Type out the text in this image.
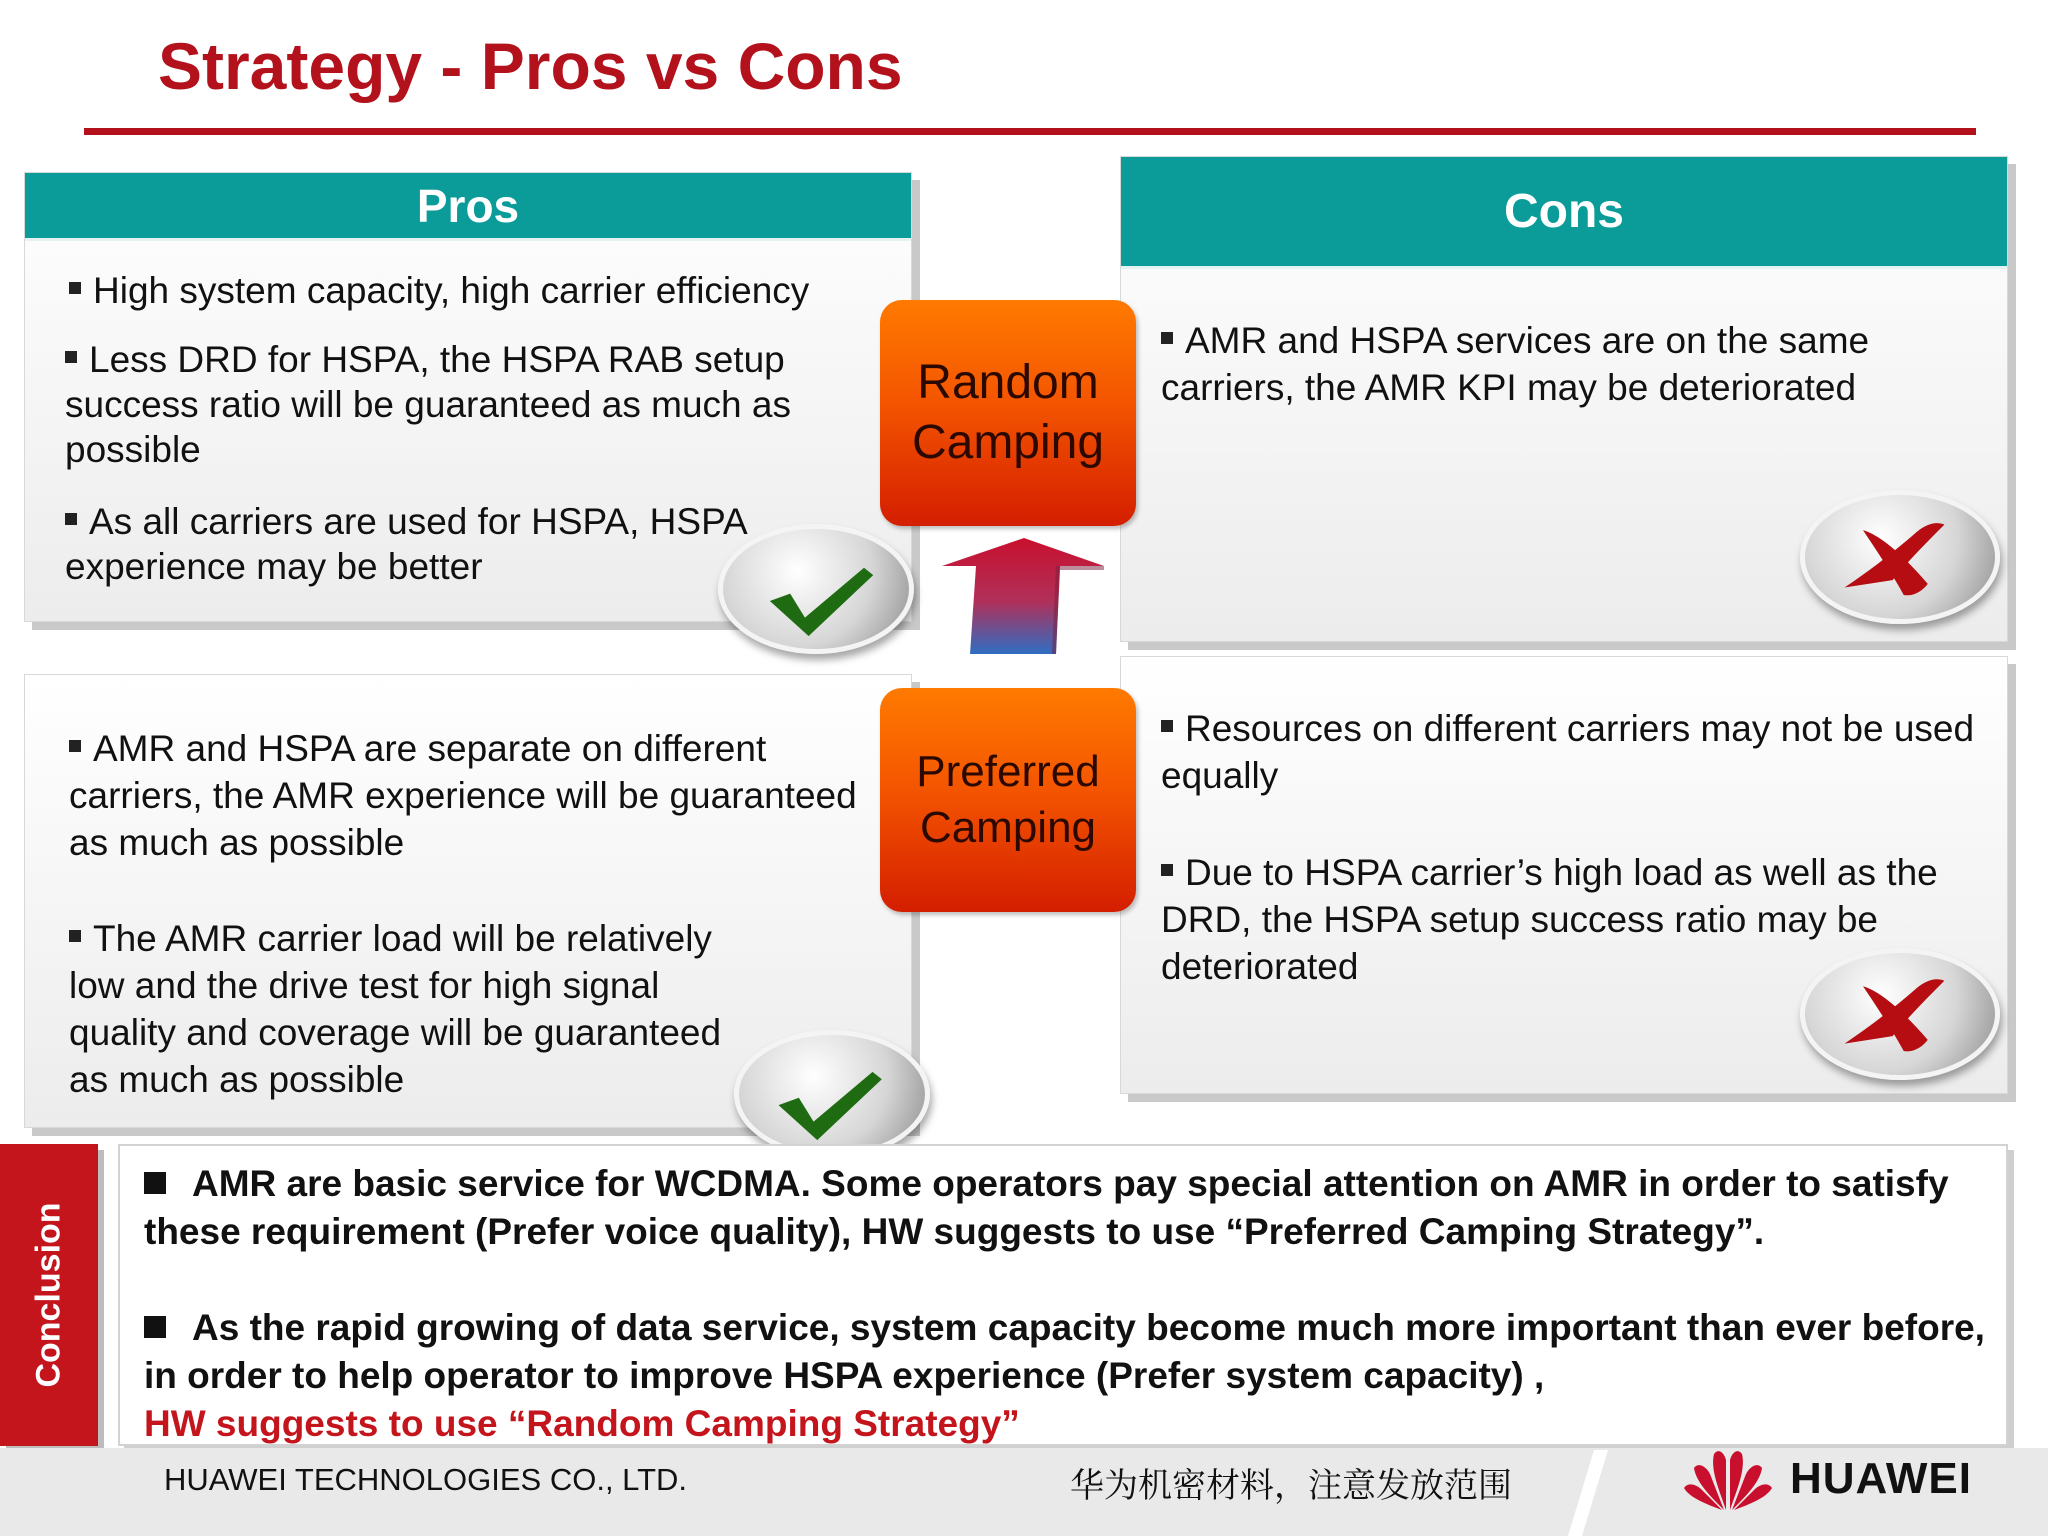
Strategy - Pros vs Cons
Pros
High system capacity, high carrier efficiency
Less DRD for HSPA, the HSPA RAB setup success ratio will be guaranteed as much as possible
As all carriers are used for HSPA, HSPA experience may be better
Cons
AMR and HSPA services are on the same carriers, the AMR KPI may be deteriorated
AMR and HSPA are separate on different carriers, the AMR experience will be guaranteed as much as possible
The AMR carrier load will be relatively low and the drive test for high signal quality and coverage will be guaranteed as much as possible
Resources on different carriers may not be used equally
Due to HSPA carrier’s high load as well as the DRD, the HSPA setup success ratio may be deteriorated
Random
Camping
Preferred
Camping
Conclusion
AMR are basic service for WCDMA. Some operators pay special attention on AMR in order to satisfy these requirement (Prefer voice quality), HW suggests to use “Preferred Camping Strategy”.
As the rapid growing of data service, system capacity become much more important than ever before, in order to help operator to improve HSPA experience (Prefer system capacity) ,
HW suggests to use “Random Camping Strategy”
HUAWEI TECHNOLOGIES CO., LTD.	华为机密材料，注意发放范围	HUAWEI
